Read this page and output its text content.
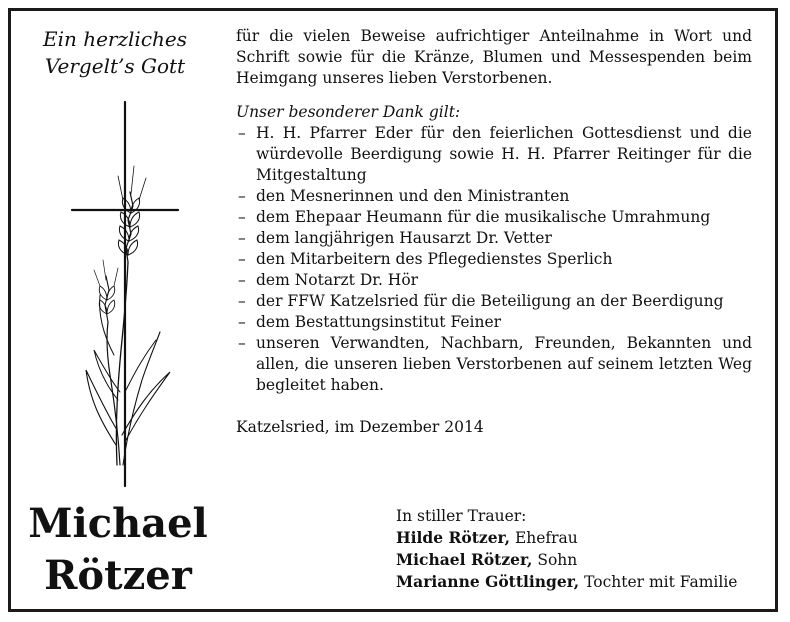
Ein herzliches
Vergelt’s Gott
Michael
Rötzer

für die vielen Beweise aufrichtiger Anteilnahme in Wort und Schrift sowie für die Kränze, Blumen und Messespenden beim Heimgang unseres lieben Verstorbenen.

Unser besonderer Dank gilt:

– H. H. Pfarrer Eder für den feierlichen Gottesdienst und die würdevolle Beerdigung sowie H. H. Pfarrer Reitinger für die Mitgestaltung
– den Mesnerinnen und den Ministranten
– dem Ehepaar Heumann für die musikalische Umrahmung
– dem langjährigen Hausarzt Dr. Vetter
– den Mitarbeitern des Pflegedienstes Sperlich
– dem Notarzt Dr. Hör
– der FFW Katzelsried für die Beteiligung an der Beerdigung
– dem Bestattungsinstitut Feiner
– unseren Verwandten, Nachbarn, Freunden, Bekannten und allen, die unseren lieben Verstorbenen auf seinem letzten Weg begleitet haben.

Katzelsried, im Dezember 2014

In stiller Trauer:
Hilde Rötzer, Ehefrau
Michael Rötzer, Sohn
Marianne Göttlinger, Tochter mit Familie
